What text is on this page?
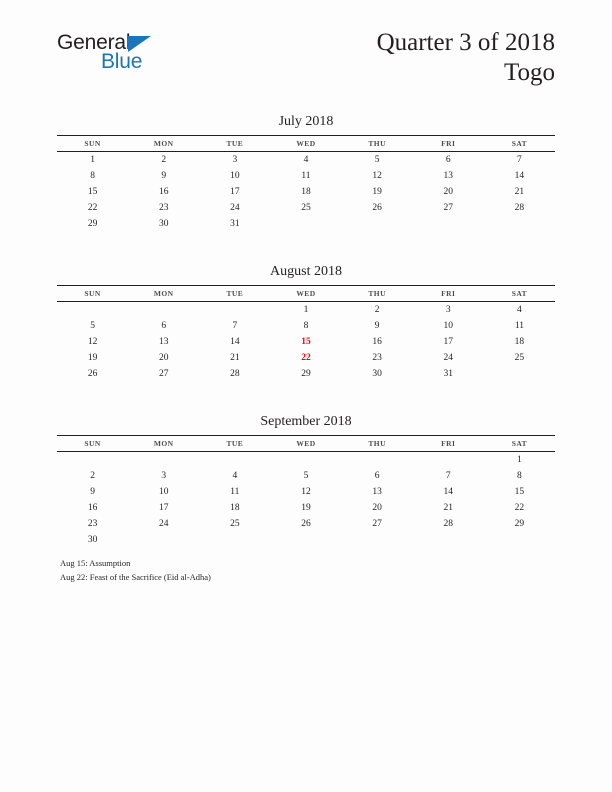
General
Blue
Quarter 3 of 2018
Togo
July 2018
SUN	MON	TUE	WED	THU	FRI	SAT
1	2	3	4	5	6	7
8	9	10	11	12	13	14
15	16	17	18	19	20	21
22	23	24	25	26	27	28
29	30	31				
August 2018
SUN	MON	TUE	WED	THU	FRI	SAT
			1	2	3	4
5	6	7	8	9	10	11
12	13	14	15	16	17	18
19	20	21	22	23	24	25
26	27	28	29	30	31	
September 2018
SUN	MON	TUE	WED	THU	FRI	SAT
						1
2	3	4	5	6	7	8
9	10	11	12	13	14	15
16	17	18	19	20	21	22
23	24	25	26	27	28	29
30						
Aug 15: Assumption
Aug 22: Feast of the Sacrifice (Eid al-Adha)
